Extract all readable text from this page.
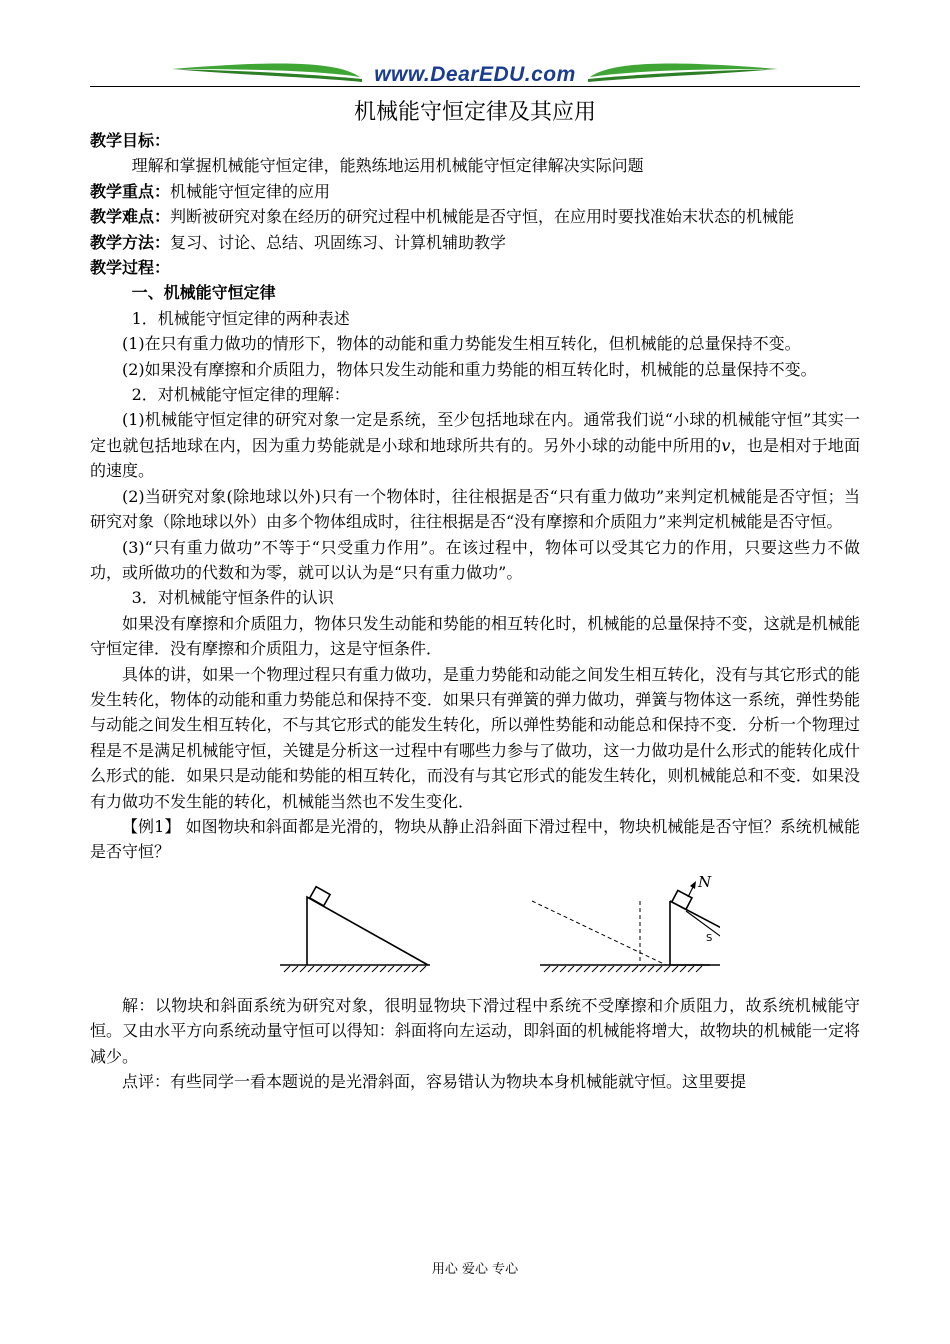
www.DearEDU.com
机械能守恒定律及其应用

教学目标：

理解和掌握机械能守恒定律，能熟练地运用机械能守恒定律解决实际问题

教学重点：机械能守恒定律的应用

教学难点：判断被研究对象在经历的研究过程中机械能是否守恒，在应用时要找准始末状态的机械能

教学方法：复习、讨论、总结、巩固练习、计算机辅助教学

教学过程：

一、机械能守恒定律

1．机械能守恒定律的两种表述

(1)在只有重力做功的情形下，物体的动能和重力势能发生相互转化，但机械能的总量保持不变。

(2)如果没有摩擦和介质阻力，物体只发生动能和重力势能的相互转化时，机械能的总量保持不变。

2．对机械能守恒定律的理解：

(1)机械能守恒定律的研究对象一定是系统，至少包括地球在内。通常我们说“小球的机械能守恒”其实一定也就包括地球在内，因为重力势能就是小球和地球所共有的。另外小球的动能中所用的v，也是相对于地面的速度。

(2)当研究对象(除地球以外)只有一个物体时，往往根据是否“只有重力做功”来判定机械能是否守恒；当研究对象（除地球以外）由多个物体组成时，往往根据是否“没有摩擦和介质阻力”来判定机械能是否守恒。

(3)“只有重力做功”不等于“只受重力作用”。在该过程中，物体可以受其它力的作用，只要这些力不做功，或所做功的代数和为零，就可以认为是“只有重力做功”。

3．对机械能守恒条件的认识

如果没有摩擦和介质阻力，物体只发生动能和势能的相互转化时，机械能的总量保持不变，这就是机械能守恒定律．没有摩擦和介质阻力，这是守恒条件．

具体的讲，如果一个物理过程只有重力做功，是重力势能和动能之间发生相互转化，没有与其它形式的能发生转化，物体的动能和重力势能总和保持不变．如果只有弹簧的弹力做功，弹簧与物体这一系统，弹性势能与动能之间发生相互转化，不与其它形式的能发生转化，所以弹性势能和动能总和保持不变．分析一个物理过程是不是满足机械能守恒，关键是分析这一过程中有哪些力参与了做功，这一力做功是什么形式的能转化成什么形式的能．如果只是动能和势能的相互转化，而没有与其它形式的能发生转化，则机械能总和不变．如果没有力做功不发生能的转化，机械能当然也不发生变化．

【例1】 如图物块和斜面都是光滑的，物块从静止沿斜面下滑过程中，物块机械能是否守恒？系统机械能是否守恒？

N
S

解：以物块和斜面系统为研究对象，很明显物块下滑过程中系统不受摩擦和介质阻力，故系统机械能守恒。又由水平方向系统动量守恒可以得知：斜面将向左运动，即斜面的机械能将增大，故物块的机械能一定将减少。

点评：有些同学一看本题说的是光滑斜面，容易错认为物块本身机械能就守恒。这里要提

用心 爱心 专心
